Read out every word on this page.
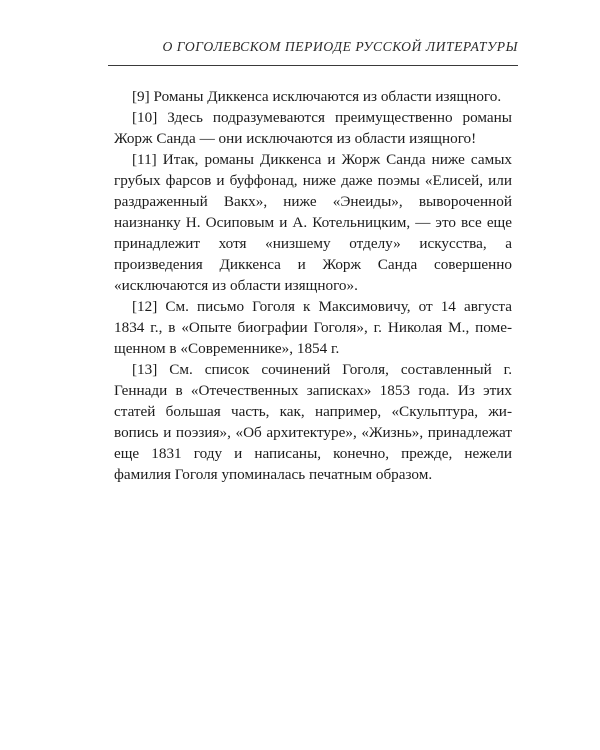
О ГОГОЛЕВСКОМ ПЕРИОДЕ РУССКОЙ ЛИТЕРАТУРЫ

[9] Романы Диккенса исключаются из области изящного.

[10] Здесь подразумеваются преимущественно романы Жорж Санда — они исключаются из области изящного!

[11] Итак, романы Диккенса и Жорж Санда ниже самых грубых фарсов и буффонад, ниже даже поэмы «Елисей, или раздраженный Вакх», ниже «Энеиды», вывороченной наизнанку Н. Осиповым и А. Котельницким, — это все еще принадлежит хотя «низшему отделу» искусства, а произведения Диккенса и Жорж Санда совершенно «исключаются из области изящного».

[12] См. письмо Гоголя к Максимовичу, от 14 августа 1834 г., в «Опыте биографии Гоголя», г. Николая М., помещенном в «Современнике», 1854 г.

[13] См. список сочинений Гоголя, составленный г. Геннади в «Отечественных записках» 1853 года. Из этих статей большая часть, как, например, «Скульптура, живопись и поэзия», «Об архитектуре», «Жизнь», принадлежат еще 1831 году и написаны, конечно, прежде, нежели фамилия Гоголя упоминалась печатным образом.
